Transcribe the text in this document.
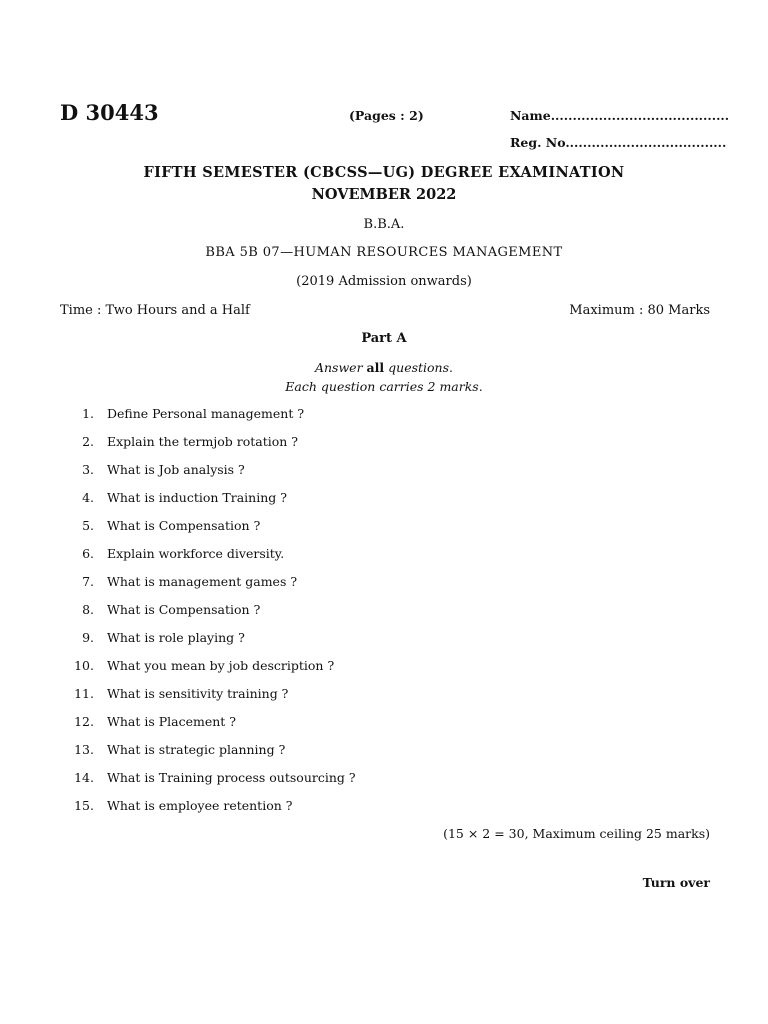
D 30443	(Pages : 2)	Name.........................................
Reg. No.....................................
FIFTH SEMESTER (CBCSS—UG) DEGREE EXAMINATION
NOVEMBER 2022
B.B.A.
BBA 5B 07—HUMAN RESOURCES MANAGEMENT
(2019 Admission onwards)
Time : Two Hours and a Half	Maximum : 80 Marks
Part A
Answer all questions.
Each question carries 2 marks.
1. Define Personal management ?
2. Explain the termjob rotation ?
3. What is Job analysis ?
4. What is induction Training ?
5. What is Compensation ?
6. Explain workforce diversity.
7. What is management games ?
8. What is Compensation ?
9. What is role playing ?
10. What you mean by job description ?
11. What is sensitivity training ?
12. What is Placement ?
13. What is strategic planning ?
14. What is Training process outsourcing ?
15. What is employee retention ?
(15 × 2 = 30, Maximum ceiling 25 marks)
Turn over
